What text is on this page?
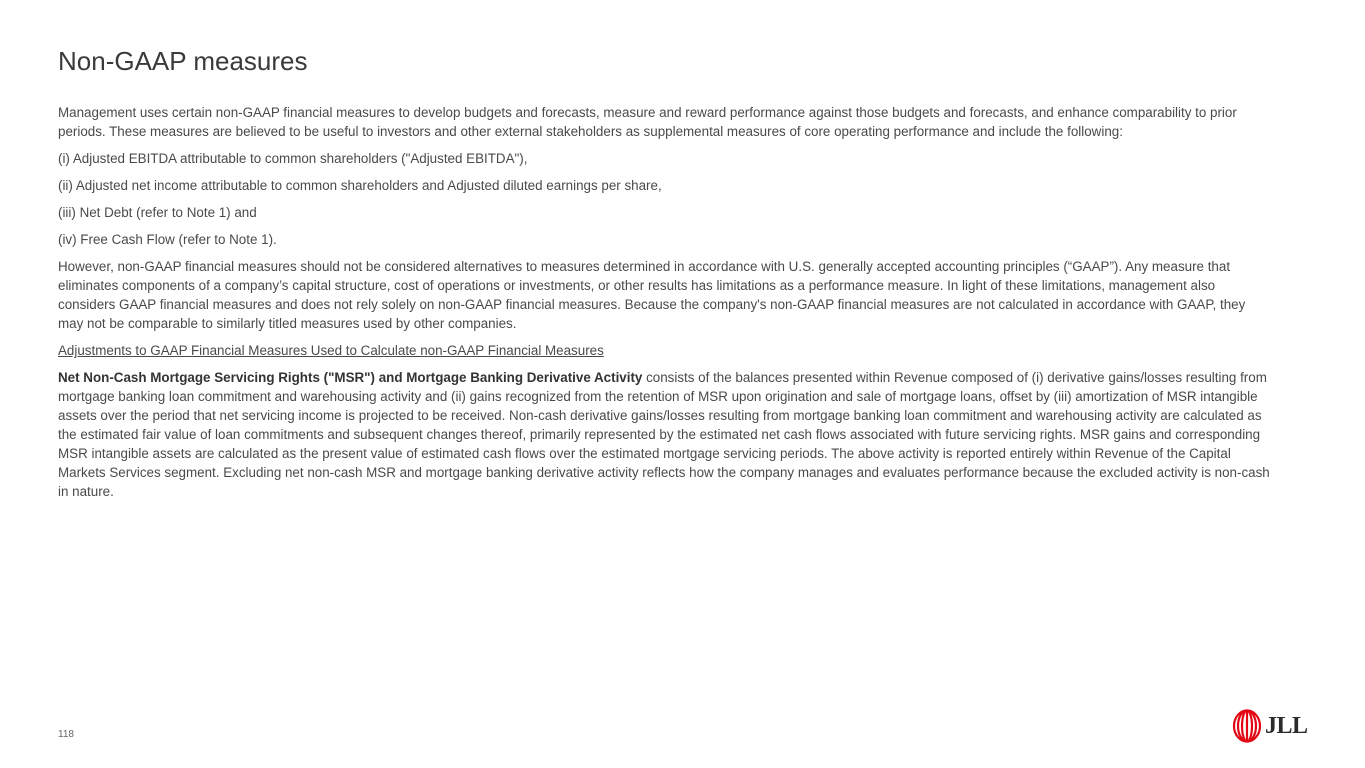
Non-GAAP measures

Management uses certain non-GAAP financial measures to develop budgets and forecasts, measure and reward performance against those budgets and forecasts, and enhance comparability to prior periods. These measures are believed to be useful to investors and other external stakeholders as supplemental measures of core operating performance and include the following:

(i) Adjusted EBITDA attributable to common shareholders ("Adjusted EBITDA"),
(ii) Adjusted net income attributable to common shareholders and Adjusted diluted earnings per share,
(iii) Net Debt (refer to Note 1) and
(iv) Free Cash Flow (refer to Note 1).

However, non-GAAP financial measures should not be considered alternatives to measures determined in accordance with U.S. generally accepted accounting principles (“GAAP”). Any measure that eliminates components of a company’s capital structure, cost of operations or investments, or other results has limitations as a performance measure. In light of these limitations, management also considers GAAP financial measures and does not rely solely on non-GAAP financial measures. Because the company's non-GAAP financial measures are not calculated in accordance with GAAP, they may not be comparable to similarly titled measures used by other companies.

Adjustments to GAAP Financial Measures Used to Calculate non-GAAP Financial Measures

Net Non-Cash Mortgage Servicing Rights ("MSR") and Mortgage Banking Derivative Activity consists of the balances presented within Revenue composed of (i) derivative gains/losses resulting from mortgage banking loan commitment and warehousing activity and (ii) gains recognized from the retention of MSR upon origination and sale of mortgage loans, offset by (iii) amortization of MSR intangible assets over the period that net servicing income is projected to be received. Non-cash derivative gains/losses resulting from mortgage banking loan commitment and warehousing activity are calculated as the estimated fair value of loan commitments and subsequent changes thereof, primarily represented by the estimated net cash flows associated with future servicing rights. MSR gains and corresponding MSR intangible assets are calculated as the present value of estimated cash flows over the estimated mortgage servicing periods. The above activity is reported entirely within Revenue of the Capital Markets Services segment. Excluding net non-cash MSR and mortgage banking derivative activity reflects how the company manages and evaluates performance because the excluded activity is non-cash in nature.

118	JLL
